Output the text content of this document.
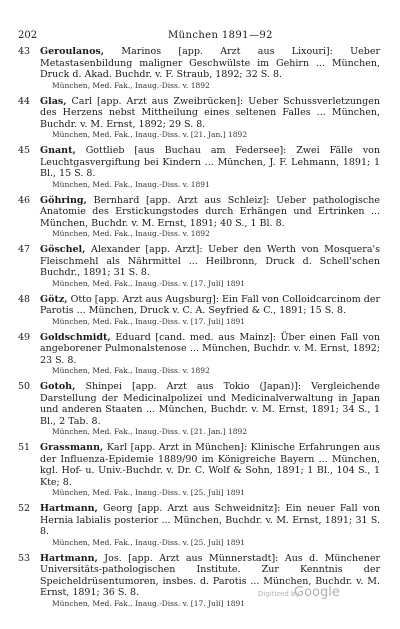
202	München 1891—92
43 Geroulanos, Marinos [app. Arzt aus Lixouri]: Ueber Metastasenbildung maligner Geschwülste im Gehirn ... München, Druck d. Akad. Buchdr. v. F. Straub, 1892; 32 S. 8.
München, Med. Fak., Inaug.-Diss. v. 1892
44 Glas, Carl [app. Arzt aus Zweibrücken]: Ueber Schussverletzungen des Herzens nebst Mittheilung eines seltenen Falles ... München, Buchdr. v. M. Ernst, 1892; 29 S. 8.
München, Med. Fak., Inaug.-Diss. v. [21. Jan.] 1892
45 Gnant, Gottlieb [aus Buchau am Federsee]: Zwei Fälle von Leuchtgasvergiftung bei Kindern ... München, J. F. Lehmann, 1891; 1 Bl., 15 S. 8.
München, Med. Fak., Inaug.-Diss. v. 1891
46 Göhring, Bernhard [app. Arzt aus Schleiz]: Ueber pathologische Anatomie des Erstickungstodes durch Erhängen und Ertrinken ... München, Buchdr. v. M. Ernst, 1891; 40 S., 1 Bl. 8.
München, Med. Fak., Inaug.-Diss. v. 1892
47 Göschel, Alexander [app. Arzt]: Ueber den Werth von Mosquera's Fleischmehl als Nährmittel ... Heilbronn, Druck d. Schell'schen Buchdr., 1891; 31 S. 8.
München, Med. Fak., Inaug.-Diss. v. [17. Juli] 1891
48 Götz, Otto [app. Arzt aus Augsburg]: Ein Fall von Colloidcarcinom der Parotis ... München, Druck v. C. A. Seyfried & C., 1891; 15 S. 8.
München, Med. Fak., Inaug.-Diss. v. [17. Juli] 1891
49 Goldschmidt, Eduard [cand. med. aus Mainz]: Über einen Fall von angeborener Pulmonalstenose ... München, Buchdr. v. M. Ernst, 1892; 23 S. 8.
München, Med. Fak., Inaug.-Diss. v. 1892
50 Gotoh, Shinpei [app. Arzt aus Tokio (Japan)]: Vergleichende Darstellung der Medicinalpolizei und Medicinalverwaltung in Japan und anderen Staaten ... München, Buchdr. v. M. Ernst, 1891; 34 S., 1 Bl., 2 Tab. 8.
München, Med. Fak., Inaug.-Diss. v. [21. Jan.] 1892
51 Grassmann, Karl [app. Arzt in München]: Klinische Erfahrungen aus der Influenza-Epidemie 1889/90 im Königreiche Bayern ... München, kgl. Hof- u. Univ.-Buchdr. v. Dr. C. Wolf & Sohn, 1891; 1 Bl., 104 S., 1 Kte; 8.
München, Med. Fak., Inaug.-Diss. v. [25. Juli] 1891
52 Hartmann, Georg [app. Arzt aus Schweidnitz]: Ein neuer Fall von Hernia labialis posterior ... München, Buchdr. v. M. Ernst, 1891; 31 S. 8.
München, Med. Fak., Inaug.-Diss. v. [25. Juli] 1891
53 Hartmann, Jos. [app. Arzt aus Münnerstadt]: Aus d. Münchener Universitäts-pathologischen Institute. Zur Kenntnis der Speicheldrüsentumoren, insbes. d. Parotis ... München, Buchdr. v. M. Ernst, 1891; 36 S. 8.
München, Med. Fak., Inaug.-Diss. v. [17. Juli] 1891
Digitized by
Google
